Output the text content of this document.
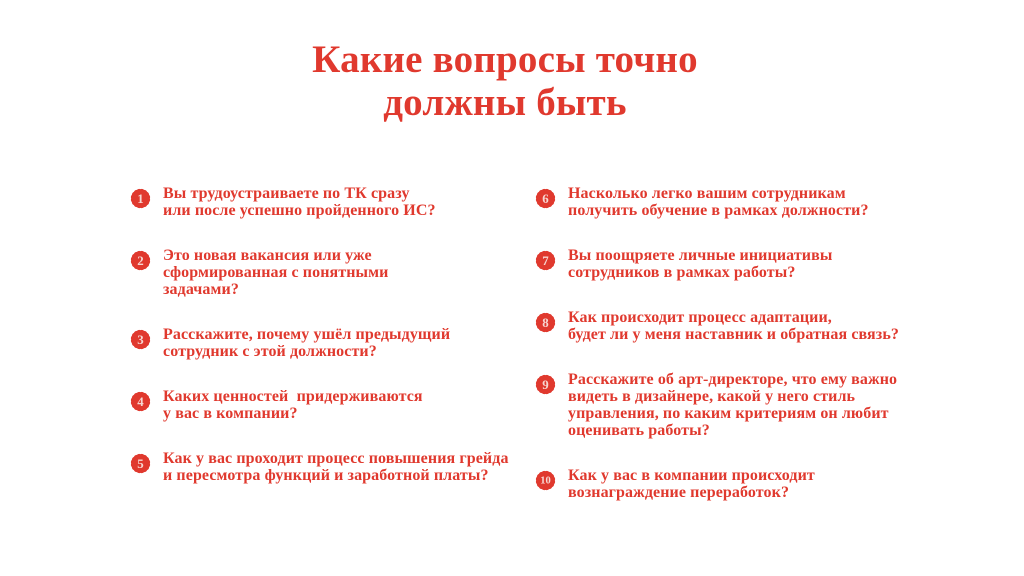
Какие вопросы точно
должны быть
1 Вы трудоустраиваете по ТК сразу
или после успешно пройденного ИС?
2 Это новая вакансия или уже
сформированная с понятными
задачами?
3 Расскажите, почему ушёл предыдущий
сотрудник с этой должности?
4 Каких ценностей  придерживаются
у вас в компании?
5 Как у вас проходит процесс повышения грейда
и пересмотра функций и заработной платы?
6 Насколько легко вашим сотрудникам
получить обучение в рамках должности?
7 Вы поощряете личные инициативы
сотрудников в рамках работы?
8 Как происходит процесс адаптации,
будет ли у меня наставник и обратная связь?
9 Расскажите об арт-директоре, что ему важно
видеть в дизайнере, какой у него стиль
управления, по каким критериям он любит
оценивать работы?
10 Как у вас в компании происходит
вознаграждение переработок?
